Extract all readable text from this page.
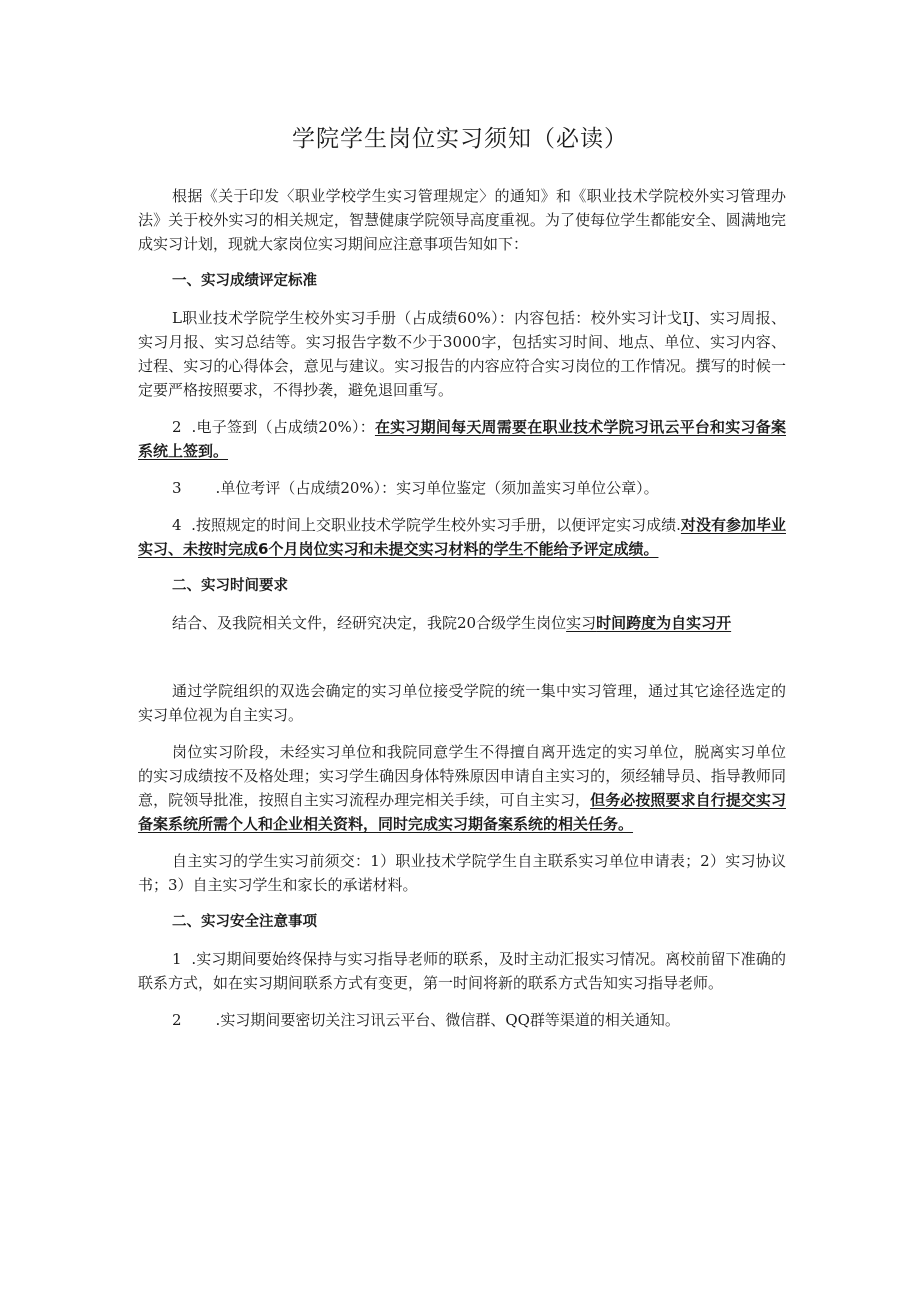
学院学生岗位实习须知（必读）

根据《关于印发〈职业学校学生实习管理规定〉的通知》和《职业技术学院校外实习管理办法》关于校外实习的相关规定，智慧健康学院领导高度重视。为了使每位学生都能安全、圆满地完成实习计划，现就大家岗位实习期间应注意事项告知如下：

一、实习成绩评定标准

L职业技术学院学生校外实习手册（占成绩60%）：内容包括：校外实习计戈IJ、实习周报、实习月报、实习总结等。实习报告字数不少于3000字，包括实习时间、地点、单位、实习内容、过程、实习的心得体会，意见与建议。实习报告的内容应符合实习岗位的工作情况。撰写的时候一定要严格按照要求，不得抄袭，避免退回重写。

2  .电子签到（占成绩20%）：在实习期间每天周需要在职业技术学院习讯云平台和实习备案系统上签到。

3 .单位考评（占成绩20%）：实习单位鉴定（须加盖实习单位公章）。

4  .按照规定的时间上交职业技术学院学生校外实习手册，以便评定实习成绩.对没有参加毕业实习、未按时完成6个月岗位实习和未提交实习材料的学生不能给予评定成绩。

二、实习时间要求

结合、及我院相关文件，经研究决定，我院20合级学生岗位实习时间跨度为自实习开

通过学院组织的双选会确定的实习单位接受学院的统一集中实习管理，通过其它途径选定的实习单位视为自主实习。

岗位实习阶段，未经实习单位和我院同意学生不得擅自离开选定的实习单位，脱离实习单位的实习成绩按不及格处理；实习学生确因身体特殊原因申请自主实习的，须经辅导员、指导教师同意，院领导批准，按照自主实习流程办理完相关手续，可自主实习，但务必按照要求自行提交实习备案系统所需个人和企业相关资料，同时完成实习期备案系统的相关任务。

自主实习的学生实习前须交：1）职业技术学院学生自主联系实习单位申请表；2）实习协议书；3）自主实习学生和家长的承诺材料。

二、实习安全注意事项

1  .实习期间要始终保持与实习指导老师的联系，及时主动汇报实习情况。离校前留下准确的联系方式，如在实习期间联系方式有变更，第一时间将新的联系方式告知实习指导老师。

2 .实习期间要密切关注习讯云平台、微信群、QQ群等渠道的相关通知。
